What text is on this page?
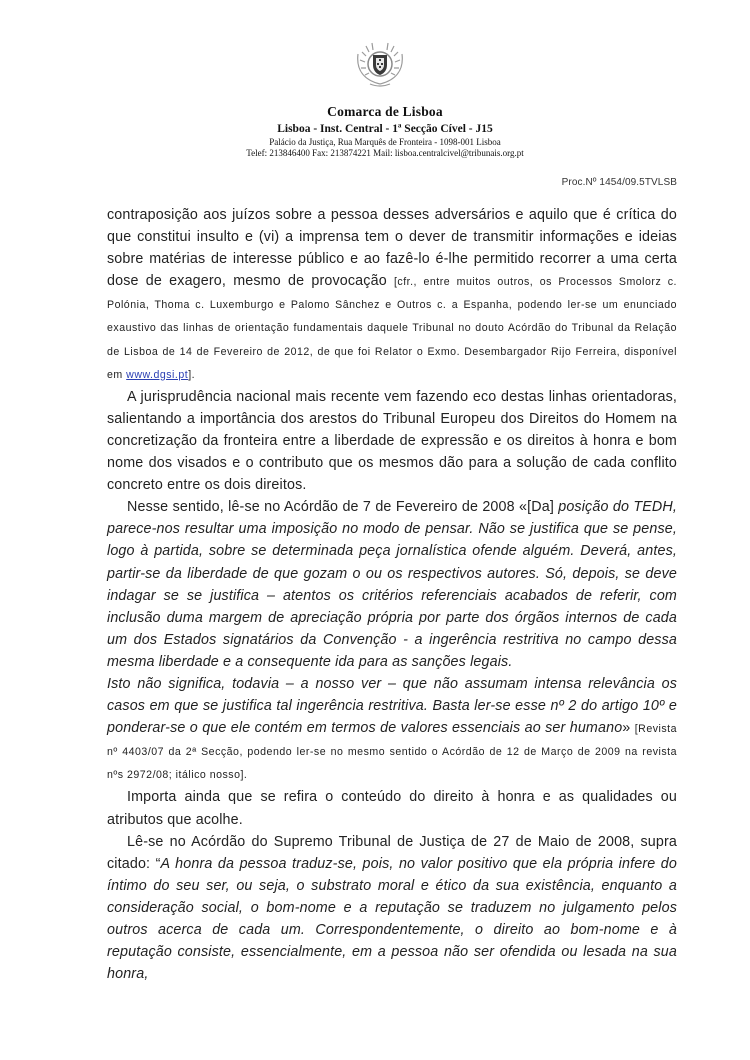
Comarca de Lisboa
Lisboa - Inst. Central - 1ª Secção Cível - J15
Palácio da Justiça, Rua Marquês de Fronteira - 1098-001 Lisboa
Telef: 213846400 Fax: 213874221 Mail: lisboa.centralcivel@tribunais.org.pt
Proc.Nº 1454/09.5TVLSB

contraposição aos juízos sobre a pessoa desses adversários e aquilo que é crítica do que constitui insulto e (vi) a imprensa tem o dever de transmitir informações e ideias sobre matérias de interesse público e ao fazê-lo é-lhe permitido recorrer a uma certa dose de exagero, mesmo de provocação [cfr., entre muitos outros, os Processos Smolorz c. Polónia, Thoma c. Luxemburgo e Palomo Sânchez e Outros c. a Espanha, podendo ler-se um enunciado exaustivo das linhas de orientação fundamentais daquele Tribunal no douto Acórdão do Tribunal da Relação de Lisboa de 14 de Fevereiro de 2012, de que foi Relator o Exmo. Desembargador Rijo Ferreira, disponível em www.dgsi.pt].

A jurisprudência nacional mais recente vem fazendo eco destas linhas orientadoras, salientando a importância dos arestos do Tribunal Europeu dos Direitos do Homem na concretização da fronteira entre a liberdade de expressão e os direitos à honra e bom nome dos visados e o contributo que os mesmos dão para a solução de cada conflito concreto entre os dois direitos.

Nesse sentido, lê-se no Acórdão de 7 de Fevereiro de 2008 «[Da] posição do TEDH, parece-nos resultar uma imposição no modo de pensar. Não se justifica que se pense, logo à partida, sobre se determinada peça jornalística ofende alguém. Deverá, antes, partir-se da liberdade de que gozam o ou os respectivos autores. Só, depois, se deve indagar se se justifica – atentos os critérios referenciais acabados de referir, com inclusão duma margem de apreciação própria por parte dos órgãos internos de cada um dos Estados signatários da Convenção - a ingerência restritiva no campo dessa mesma liberdade e a consequente ida para as sanções legais.

Isto não significa, todavia – a nosso ver – que não assumam intensa relevância os casos em que se justifica tal ingerência restritiva. Basta ler-se esse nº 2 do artigo 10º e ponderar-se o que ele contém em termos de valores essenciais ao ser humano» [Revista nº 4403/07 da 2ª Secção, podendo ler-se no mesmo sentido o Acórdão de 12 de Março de 2009 na revista nºs 2972/08; itálico nosso].

Importa ainda que se refira o conteúdo do direito à honra e as qualidades ou atributos que acolhe.

Lê-se no Acórdão do Supremo Tribunal de Justiça de 27 de Maio de 2008, supra citado: “A honra da pessoa traduz-se, pois, no valor positivo que ela própria infere do íntimo do seu ser, ou seja, o substrato moral e ético da sua existência, enquanto a consideração social, o bom-nome e a reputação se traduzem no julgamento pelos outros acerca de cada um. Correspondentemente, o direito ao bom-nome e à reputação consiste, essencialmente, em a pessoa não ser ofendida ou lesada na sua honra,
